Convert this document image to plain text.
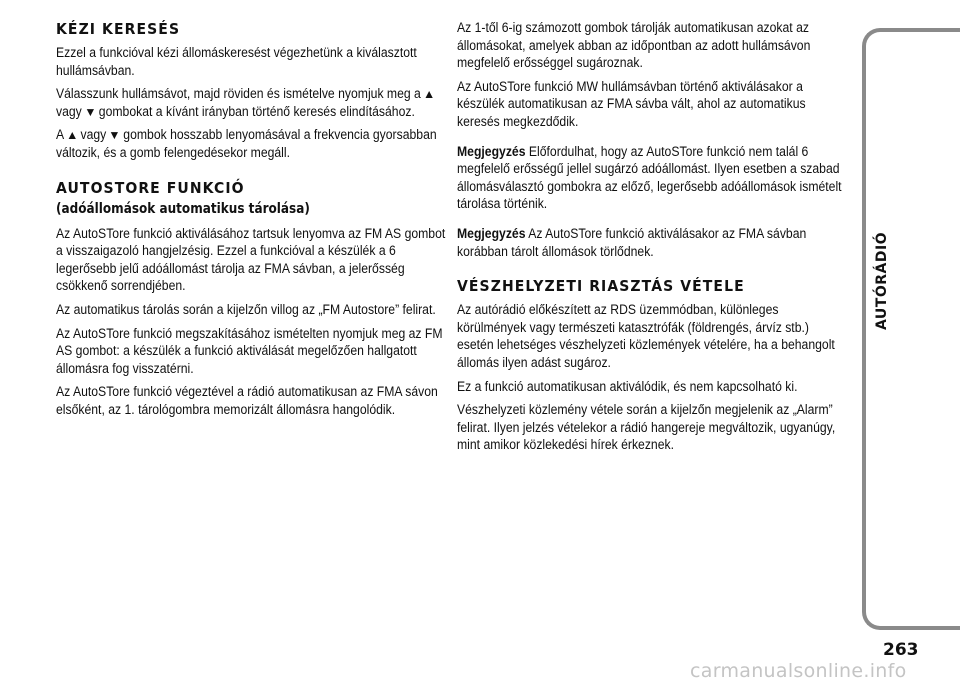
KÉZI KERESÉS

Ezzel a funkcióval kézi állomáskeresést végezhetünk a kiválasztott hullámsávban.

Válasszunk hullámsávot, majd röviden és ismételve nyomjuk meg a ▲ vagy ▼ gombokat a kívánt irányban történő keresés elindításához.

A ▲ vagy ▼ gombok hosszabb lenyomásával a frekvencia gyorsabban változik, és a gomb felengedésekor megáll.

AUTOSTORE FUNKCIÓ
(adóállomások automatikus tárolása)

Az AutoSTore funkció aktiválásához tartsuk lenyomva az FM AS gombot a visszaigazoló hangjelzésig. Ezzel a funkcióval a készülék a 6 legerősebb jelű adóállomást tárolja az FMA sávban, a jelerősség csökkenő sorrendjében.

Az automatikus tárolás során a kijelzőn villog az „FM Autostore” felirat.

Az AutoSTore funkció megszakításához ismételten nyomjuk meg az FM AS gombot: a készülék a funkció aktiválását megelőzően hallgatott állomásra fog visszatérni.

Az AutoSTore funkció végeztével a rádió automatikusan az FMA sávon elsőként, az 1. tárológombra memorizált állomásra hangolódik.

Az 1-től 6-ig számozott gombok tárolják automatikusan azokat az állomásokat, amelyek abban az időpontban az adott hullámsávon megfelelő erősséggel sugároznak.

Az AutoSTore funkció MW hullámsávban történő aktiválásakor a készülék automatikusan az FMA sávba vált, ahol az automatikus keresés megkezdődik.

Megjegyzés Előfordulhat, hogy az AutoSTore funkció nem talál 6 megfelelő erősségű jellel sugárzó adóállomást. Ilyen esetben a szabad állomásválasztó gombokra az előző, legerősebb adóállomások ismételt tárolása történik.

Megjegyzés Az AutoSTore funkció aktiválásakor az FMA sávban korábban tárolt állomások törlődnek.

VÉSZHELYZETI RIASZTÁS VÉTELE

Az autórádió előkészített az RDS üzemmódban, különleges körülmények vagy természeti katasztrófák (földrengés, árvíz stb.) esetén lehetséges vészhelyzeti közlemények vételére, ha a behangolt állomás ilyen adást sugároz.

Ez a funkció automatikusan aktiválódik, és nem kapcsolható ki.

Vészhelyzeti közlemény vétele során a kijelzőn megjelenik az „Alarm” felirat. Ilyen jelzés vételekor a rádió hangereje megváltozik, ugyanúgy, mint amikor közlekedési hírek érkeznek.

AUTÓRÁDIÓ
263
carmanualsonline.info
